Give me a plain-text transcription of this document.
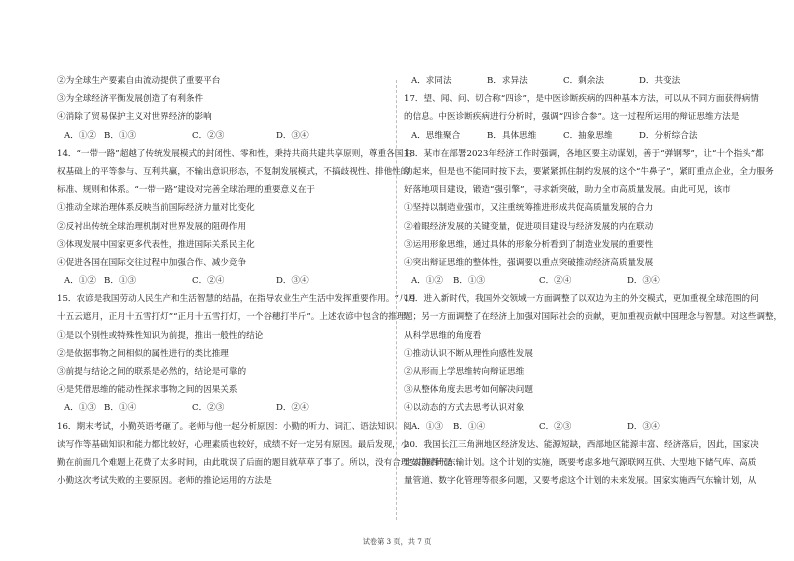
②为全球生产要素自由流动提供了重要平台
③为全球经济平衡发展创造了有利条件
④消除了贸易保护主义对世界经济的影响
A．①② B．①③	C．②③	D．③④
14．“一带一路”超越了传统发展模式的封闭性、零和性，秉持共商共建共享原则，尊重各国主
权基础上的平等参与、互利共赢，不输出意识形态，不复制发展模式，不搞歧视性、排他性的
标准、规则和体系。“一带一路”建设对完善全球治理的重要意义在于
①推动全球治理体系反映当前国际经济力量对比变化
②反衬出传统全球治理机制对世界发展的阻碍作用
③体现发展中国家更多代表性，推进国际关系民主化
④促进各国在国际交往过程中加强合作、减少竞争
A．①② B．①③	C．②④	D．③④
15．农谚是我国劳动人民生产和生活智慧的结晶，在指导农业生产生活中发挥重要作用。“八月
十五云遮月，正月十五雪打灯”“正月十五雪打灯，一个谷穗打半斤”。上述农谚中包含的推理
①是以个别性或特殊性知识为前提，推出一般性的结论
②是依据事物之间相似的属性进行的类比推理
③前提与结论之间的联系是必然的，结论是可靠的
④是凭借思维的能动性探求事物之间的因果关系
A．①③ B．①④	C．②③	D．②④
16．期末考试，小勤英语考砸了。老师与他一起分析原因：小勤的听力、词汇、语法知识、阅
读写作等基础知识和能力都比较好，心理素质也较好，成绩不好一定另有原因。最后发现，小
勤在前面几个难题上花费了太多时间，由此耽误了后面的题目就草草了事了。所以，没有合理安排时间是
小勤这次考试失败的主要原因。老师的推论运用的方法是
A．求同法	B．求异法	C．剩余法	D．共变法
17．望、闻、问、切合称“四诊”，是中医诊断疾病的四种基本方法，可以从不同方面获得病情
的信息。中医诊断疾病进行分析时，强调“四诊合参”。这一过程所运用的辩证思维方法是
A．思维聚合	B．具体思维	C．抽象思维	D．分析综合法
18．某市在部署2023年经济工作时强调，各地区要主动谋划，善于“弹钢琴”，让“十个指头”都
动起来，但是也不能同时按下去，要紧紧抓住制约发展的这个“牛鼻子”，紧盯重点企业，全力服务
好落地项目建设，锻造“强引擎”，寻求新突破，助力全市高质量发展。由此可见，该市
①坚持以制造业强市，又注重统筹推进形成共促高质量发展的合力
②着眼经济发展的关键变量，促进项目建设与经济发展的内在联动
③运用形象思维，通过具体的形象分析看到了制造业发展的重要性
④突出辩证思维的整体性，强调要以重点突破推动经济高质量发展
A．①②	B．①③	C．②④	D．③④
19．进入新时代，我国外交领域一方面调整了以双边为主的外交模式，更加重视全球范围的问
题；另一方面调整了在经济上加强对国际社会的贡献，更加重视贡献中国理念与智慧。对这些调整，
从科学思维的角度看
①推动认识不断从理性向感性发展
②从形而上学思维转向辩证思维
③从整体角度去思考如何解决问题
④以动态的方式去思考认识对象
A．①③	B．①④	C．②③	D．③④
20．我国长江三角洲地区经济发达、能源短缺，西部地区能源丰富、经济落后，因此，国家决
定实施西气东输计划。这个计划的实施，既要考虑多地气源联网互供、大型地下储气库、高质
量管道、数字化管理等很多问题，又要考虑这个计划的未来发展。国家实施西气东输计划，从
试卷第 3 页，共 7 页
